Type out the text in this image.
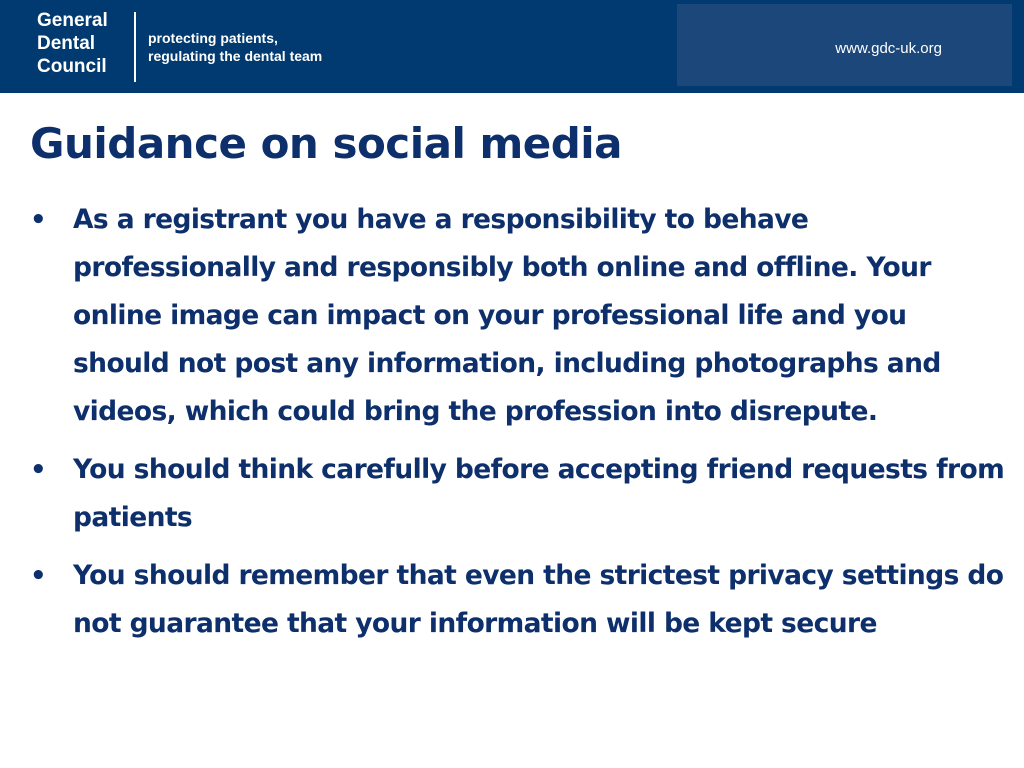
General
Dental
Council
protecting patients,
regulating the dental team	www.gdc-uk.org
Guidance on social media
• As a registrant you have a responsibility to behave professionally and responsibly both online and offline. Your online image can impact on your professional life and you should not post any information, including photographs and videos, which could bring the profession into disrepute.
• You should think carefully before accepting friend requests from patients
• You should remember that even the strictest privacy settings do not guarantee that your information will be kept secure
